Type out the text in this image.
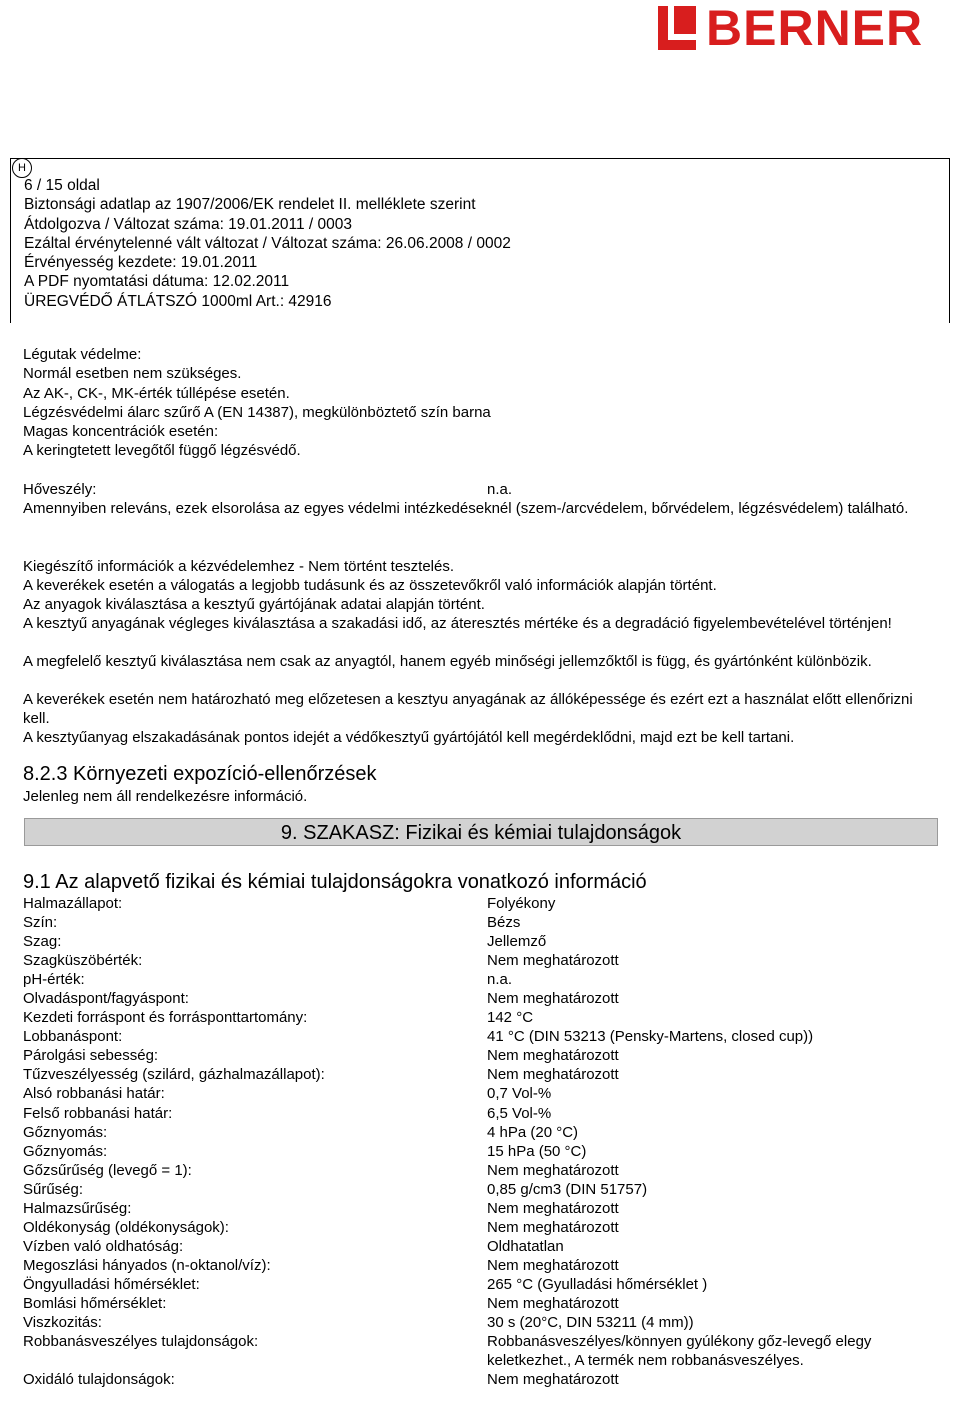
BERNER
H
6 / 15 oldal
Biztonsági adatlap az 1907/2006/EK rendelet II. melléklete szerint
Átdolgozva / Változat száma: 19.01.2011 / 0003
Ezáltal érvénytelenné vált változat / Változat száma: 26.06.2008 / 0002
Érvényesség kezdete: 19.01.2011
A PDF nyomtatási dátuma: 12.02.2011
ÜREGVÉDŐ ÁTLÁTSZÓ 1000ml Art.: 42916
Légutak védelme:
Normál esetben nem szükséges.
Az AK-, CK-, MK-érték túllépése esetén.
Légzésvédelmi álarc szűrő A (EN 14387), megkülönböztető szín barna
Magas koncentrációk esetén:
A keringtetett levegőtől függő légzésvédő.
Hőveszély:	n.a.
Amennyiben releváns, ezek elsorolása az egyes védelmi intézkedéseknél (szem-/arcvédelem, bőrvédelem, légzésvédelem) található.
Kiegészítő információk a kézvédelemhez - Nem történt tesztelés.
A keverékek esetén a válogatás a legjobb tudásunk és az összetevőkről való információk alapján történt.
Az anyagok kiválasztása a kesztyű gyártójának adatai alapján történt.
A kesztyű anyagának végleges kiválasztása a szakadási idő, az áteresztés mértéke és a degradáció figyelembevételével történjen!
A megfelelő kesztyű kiválasztása nem csak az anyagtól, hanem egyéb minőségi jellemzőktől is függ, és gyártónként különbözik.
A keverékek esetén nem határozható meg előzetesen a kesztyu anyagának az állóképessége és ezért ezt a használat előtt ellenőrizni kell.
A kesztyűanyag elszakadásának pontos idejét a védőkesztyű gyártójától kell megérdeklődni, majd ezt be kell tartani.
8.2.3 Környezeti expozíció-ellenőrzések
Jelenleg nem áll rendelkezésre információ.
9. SZAKASZ: Fizikai és kémiai tulajdonságok
9.1 Az alapvető fizikai és kémiai tulajdonságokra vonatkozó információ
Halmazállapot:	Folyékony
Szín:	Bézs
Szag:	Jellemző
Szagküszöbérték:	Nem meghatározott
pH-érték:	n.a.
Olvadáspont/fagyáspont:	Nem meghatározott
Kezdeti forráspont és forrásponttartomány:	142 °C
Lobbanáspont:	41 °C (DIN 53213 (Pensky-Martens, closed cup))
Párolgási sebesség:	Nem meghatározott
Tűzveszélyesség (szilárd, gázhalmazállapot):	Nem meghatározott
Alsó robbanási határ:	0,7 Vol-%
Felső robbanási határ:	6,5 Vol-%
Gőznyomás:	4 hPa (20 °C)
Gőznyomás:	15 hPa (50 °C)
Gőzsűrűség (levegő = 1):	Nem meghatározott
Sűrűség:	0,85 g/cm3 (DIN 51757)
Halmazsűrűség:	Nem meghatározott
Oldékonyság (oldékonyságok):	Nem meghatározott
Vízben való oldhatóság:	Oldhatatlan
Megoszlási hányados (n-oktanol/víz):	Nem meghatározott
Öngyulladási hőmérséklet:	265 °C (Gyulladási hőmérséklet )
Bomlási hőmérséklet:	Nem meghatározott
Viszkozitás:	30 s (20°C, DIN 53211 (4 mm))
Robbanásveszélyes tulajdonságok:	Robbanásveszélyes/könnyen gyúlékony gőz-levegő elegy keletkezhet., A termék nem robbanásveszélyes.
Oxidáló tulajdonságok:	Nem meghatározott
